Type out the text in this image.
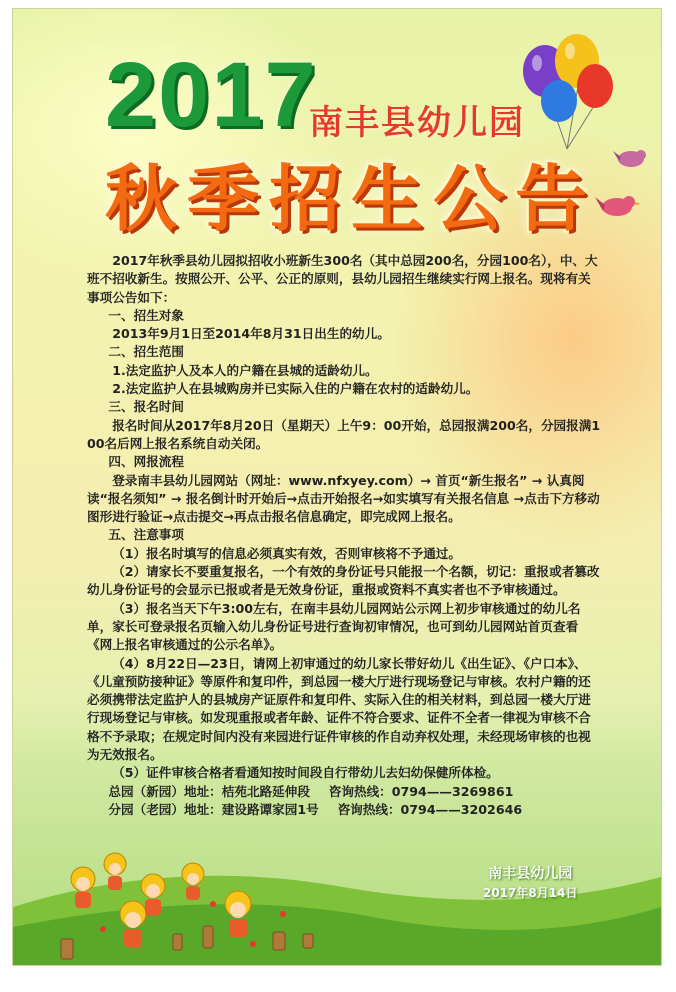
2017
南丰县幼儿园
秋季招生公告

2017年秋季县幼儿园拟招收小班新生300名（其中总园200名，分园100名），中、大班不招收新生。按照公开、公平、公正的原则，县幼儿园招生继续实行网上报名。现将有关事项公告如下：

一、招生对象

2013年9月1日至2014年8月31日出生的幼儿。

二、招生范围

1.法定监护人及本人的户籍在县城的适龄幼儿。

2.法定监护人在县城购房并已实际入住的户籍在农村的适龄幼儿。

三、报名时间

报名时间从2017年8月20日（星期天）上午9：00开始，总园报满200名，分园报满100名后网上报名系统自动关闭。

四、网报流程

登录南丰县幼儿园网站（网址：www.nfxyey.com）→ 首页“新生报名” → 认真阅读“报名须知” → 报名倒计时开始后→点击开始报名→如实填写有关报名信息 →点击下方移动图形进行验证→点击提交→再点击报名信息确定，即完成网上报名。

五、注意事项

（1）报名时填写的信息必须真实有效，否则审核将不予通过。

（2）请家长不要重复报名，一个有效的身份证号只能报一个名额，切记：重报或者篡改幼儿身份证号的会显示已报或者是无效身份证，重报或资料不真实者也不予审核通过。

（3）报名当天下午3:00左右，在南丰县幼儿园网站公示网上初步审核通过的幼儿名单，家长可登录报名页输入幼儿身份证号进行查询初审情况，也可到幼儿园网站首页查看《网上报名审核通过的公示名单》。

（4）8月22日—23日，请网上初审通过的幼儿家长带好幼儿《出生证》、《户口本》、《儿童预防接种证》等原件和复印件，到总园一楼大厅进行现场登记与审核。农村户籍的还必须携带法定监护人的县城房产证原件和复印件、实际入住的相关材料，到总园一楼大厅进行现场登记与审核。如发现重报或者年龄、证件不符合要求、证件不全者一律视为审核不合格不予录取；在规定时间内没有来园进行证件审核的作自动弃权处理，未经现场审核的也视为无效报名。

（5）证件审核合格者看通知按时间段自行带幼儿去妇幼保健所体检。

总园（新园）地址：桔苑北路延伸段 咨询热线：0794——3269861
分园（老园）地址：建设路谭家园1号 咨询热线：0794——3202646
南丰县幼儿园
2017年8月14日
